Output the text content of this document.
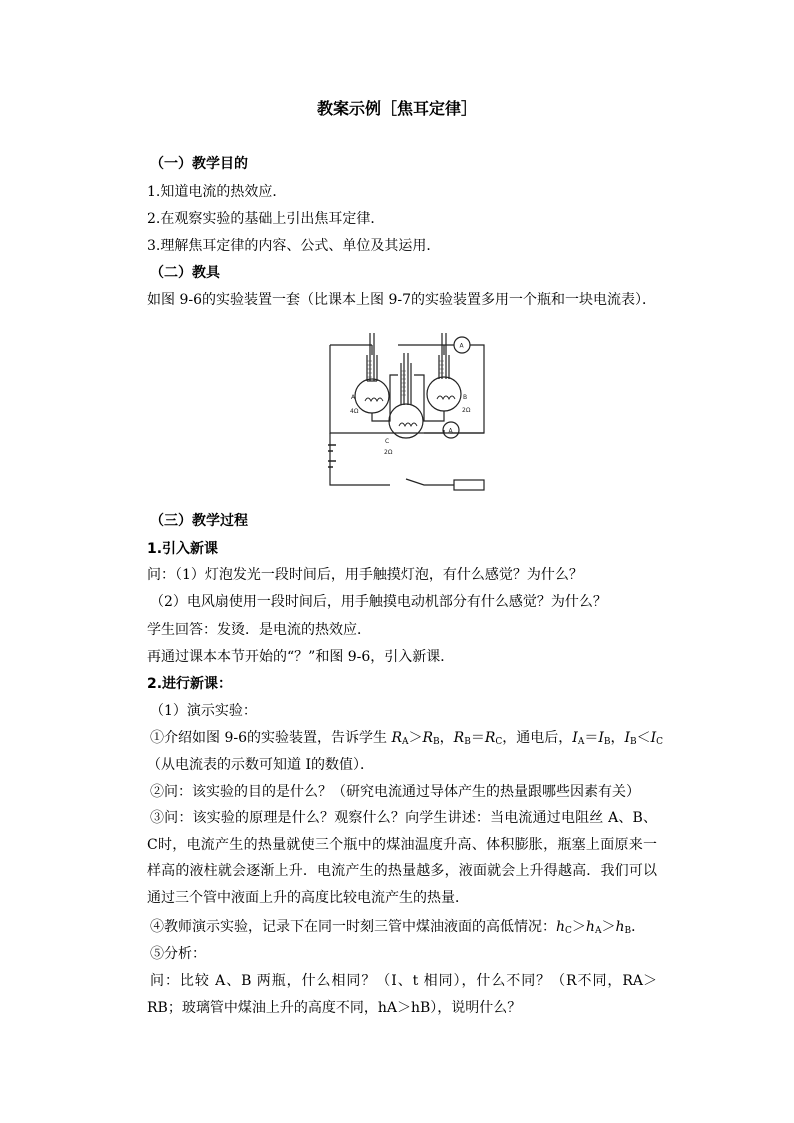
教案示例［焦耳定律］
（一）教学目的
1.知道电流的热效应．
2.在观察实验的基础上引出焦耳定律．
3.理解焦耳定律的内容、公式、单位及其运用．
（二）教具
如图 9-6的实验装置一套（比课本上图 9-7的实验装置多用一个瓶和一块电流表）．
A
A
A
4Ω
B
2Ω
C
2Ω
（三）教学过程
1.引入新课
问：（1）灯泡发光一段时间后，用手触摸灯泡，有什么感觉？为什么？
（2）电风扇使用一段时间后，用手触摸电动机部分有什么感觉？为什么？
学生回答：发烫．是电流的热效应．
再通过课本本节开始的“？”和图 9-6，引入新课．
2.进行新课：
（1）演示实验：
①介绍如图 9-6的实验装置，告诉学生 $R_A>R_B$，$R_B=R_C$，通电后，$I_A=I_B$，$I_B<I_C$
（从电流表的示数可知道 I的数值）．
②问：该实验的目的是什么？（研究电流通过导体产生的热量跟哪些因素有关）
③问：该实验的原理是什么？观察什么？向学生讲述：当电流通过电阻丝 A、B、C时，电流产生的热量就使三个瓶中的煤油温度升高、体积膨胀，瓶塞上面原来一样高的液柱就会逐渐上升．电流产生的热量越多，液面就会上升得越高．我们可以通过三个管中液面上升的高度比较电流产生的热量．
④教师演示实验，记录下在同一时刻三管中煤油液面的高低情况：$h_C>h_A>h_B$．
⑤分析：
问：比较 A、B 两瓶，什么相同？（I、t 相同），什么不同？（R不同，RA＞RB；玻璃管中煤油上升的高度不同，hA＞hB），说明什么？
